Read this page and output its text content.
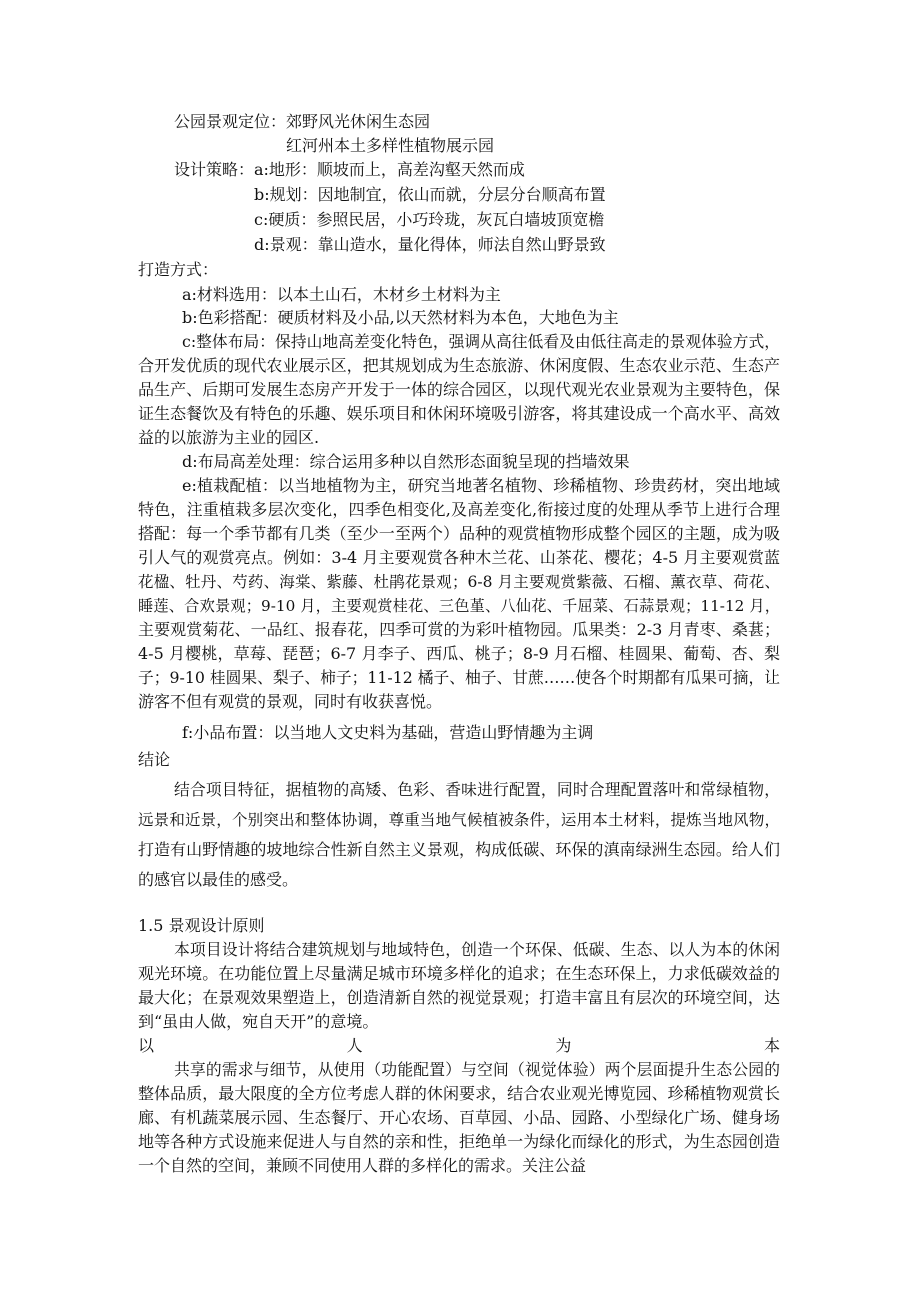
公园景观定位： 郊野风光休闲生态园
红河州本土多样性植物展示园
设计策略： a:地形：顺坡而上，高差沟壑天然而成
b:规划：因地制宜，依山而就，分层分台顺高布置
c:硬质：参照民居，小巧玲珑，灰瓦白墙坡顶宽檐
d:景观：靠山造水，量化得体，师法自然山野景致
打造方式：
a:材料选用：以本土山石，木材乡土材料为主
b:色彩搭配：硬质材料及小品,以天然材料为本色，大地色为主
c:整体布局：保持山地高差变化特色，强调从高往低看及由低往高走的景观体验方式，
合开发优质的现代农业展示区，把其规划成为生态旅游、休闲度假、生态农业示范、生态产
品生产、后期可发展生态房产开发于一体的综合园区，以现代观光农业景观为主要特色，保
证生态餐饮及有特色的乐趣、娱乐项目和休闲环境吸引游客，将其建设成一个高水平、高效
益的以旅游为主业的园区.
d:布局高差处理：综合运用多种以自然形态面貌呈现的挡墙效果
e:植栽配植：以当地植物为主，研究当地著名植物、珍稀植物、珍贵药材，突出地域
特色，注重植栽多层次变化，四季色相变化,及高差变化,衔接过度的处理从季节上进行合理
搭配：每一个季节都有几类（至少一至两个）品种的观赏植物形成整个园区的主题，成为吸
引人气的观赏亮点。例如：3-4 月主要观赏各种木兰花、山茶花、樱花；4-5 月主要观赏蓝
花楹、牡丹、芍药、海棠、紫藤、杜鹃花景观；6-8 月主要观赏紫薇、石榴、薰衣草、荷花、
睡莲、合欢景观；9-10 月，主要观赏桂花、三色堇、八仙花、千屈菜、石蒜景观；11-12 月，
主要观赏菊花、一品红、报春花，四季可赏的为彩叶植物园。瓜果类：2-3 月青枣、桑葚；
4-5 月樱桃，草莓、琵琶；6-7 月李子、西瓜、桃子；8-9 月石榴、桂圆果、葡萄、杏、梨
子；9-10 桂圆果、梨子、柿子；11-12 橘子、柚子、甘蔗……使各个时期都有瓜果可摘，让
游客不但有观赏的景观，同时有收获喜悦。
f:小品布置：以当地人文史料为基础，营造山野情趣为主调
结论
结合项目特征，据植物的高矮、色彩、香味进行配置，同时合理配置落叶和常绿植物，
远景和近景，个别突出和整体协调，尊重当地气候植被条件，运用本土材料，提炼当地风物，
打造有山野情趣的坡地综合性新自然主义景观，构成低碳、环保的滇南绿洲生态园。给人们
的感官以最佳的感受。
1.5 景观设计原则
本项目设计将结合建筑规划与地域特色，创造一个环保、低碳、生态、以人为本的休闲
观光环境。在功能位置上尽量满足城市环境多样化的追求；在生态环保上，力求低碳效益的
最大化；在景观效果塑造上，创造清新自然的视觉景观；打造丰富且有层次的环境空间，达
到“虽由人做，宛自天开”的意境。
以	人	为	本
共享的需求与细节，从使用（功能配置）与空间（视觉体验）两个层面提升生态公园的
整体品质，最大限度的全方位考虑人群的休闲要求，结合农业观光博览园、珍稀植物观赏长
廊、有机蔬菜展示园、生态餐厅、开心农场、百草园、小品、园路、小型绿化广场、健身场
地等各种方式设施来促进人与自然的亲和性，拒绝单一为绿化而绿化的形式，为生态园创造
一个自然的空间，兼顾不同使用人群的多样化的需求。关注公益
